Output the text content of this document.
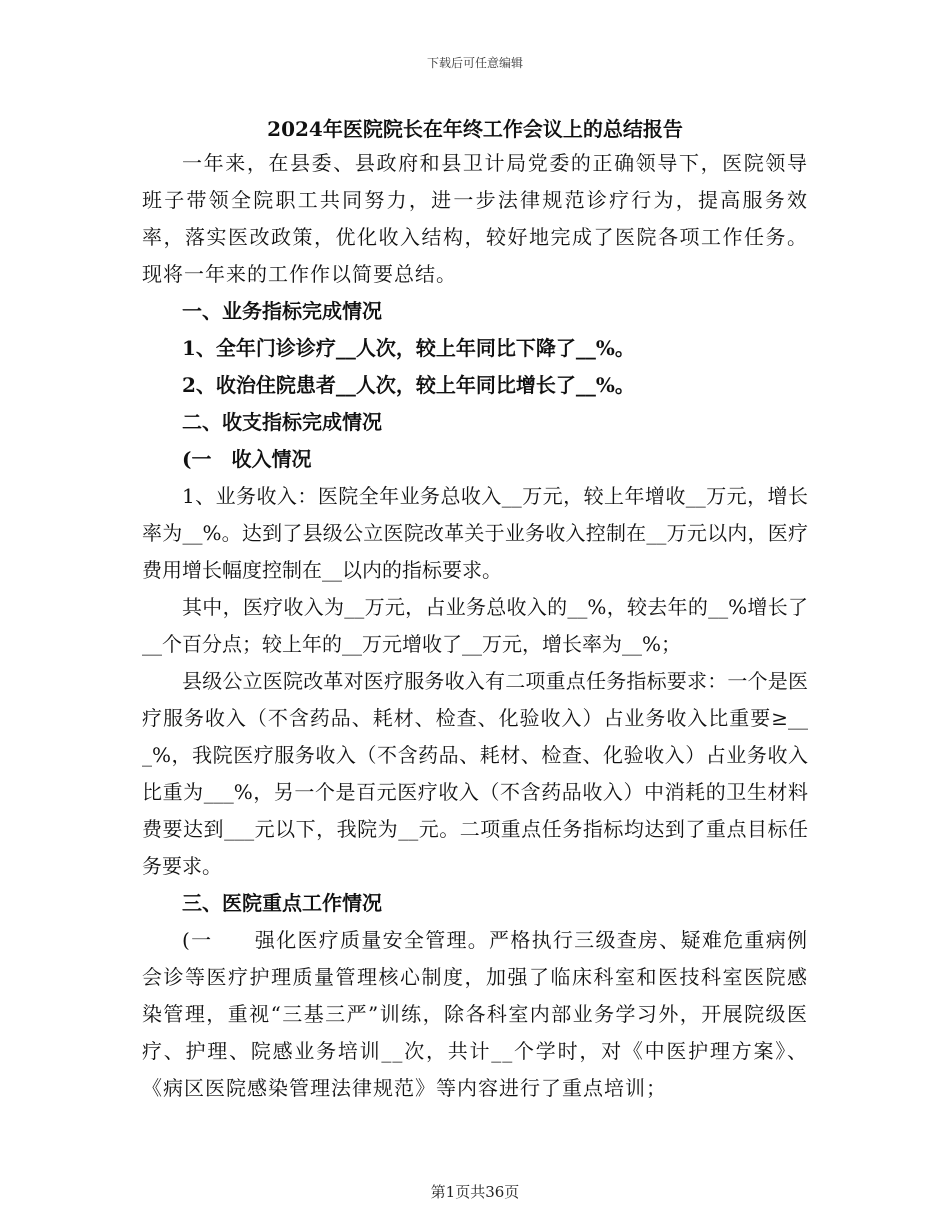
下载后可任意编辑
2024年医院院长在年终工作会议上的总结报告

一年来，在县委、县政府和县卫计局党委的正确领导下，医院领导班子带领全院职工共同努力，进一步法律规范诊疗行为，提高服务效率，落实医改政策，优化收入结构，较好地完成了医院各项工作任务。现将一年来的工作作以简要总结。

一、业务指标完成情况

1、全年门诊诊疗__人次，较上年同比下降了__%。

2、收治住院患者__人次，较上年同比增长了__%。

二、收支指标完成情况

(一　收入情况

1、业务收入：医院全年业务总收入__万元，较上年增收__万元，增长率为__%。达到了县级公立医院改革关于业务收入控制在__万元以内，医疗费用增长幅度控制在__以内的指标要求。

其中，医疗收入为__万元，占业务总收入的__%，较去年的__%增长了__个百分点；较上年的__万元增收了__万元，增长率为__%；

县级公立医院改革对医疗服务收入有二项重点任务指标要求：一个是医疗服务收入（不含药品、耗材、检查、化验收入）占业务收入比重要≥___%，我院医疗服务收入（不含药品、耗材、检查、化验收入）占业务收入比重为___%，另一个是百元医疗收入（不含药品收入）中消耗的卫生材料费要达到___元以下，我院为__元。二项重点任务指标均达到了重点目标任务要求。

三、医院重点工作情况

(一　　强化医疗质量安全管理。严格执行三级查房、疑难危重病例会诊等医疗护理质量管理核心制度，加强了临床科室和医技科室医院感染管理，重视“三基三严”训练，除各科室内部业务学习外，开展院级医疗、护理、院感业务培训__次，共计__个学时，对《中医护理方案》、《病区医院感染管理法律规范》等内容进行了重点培训；

第1页共36页
